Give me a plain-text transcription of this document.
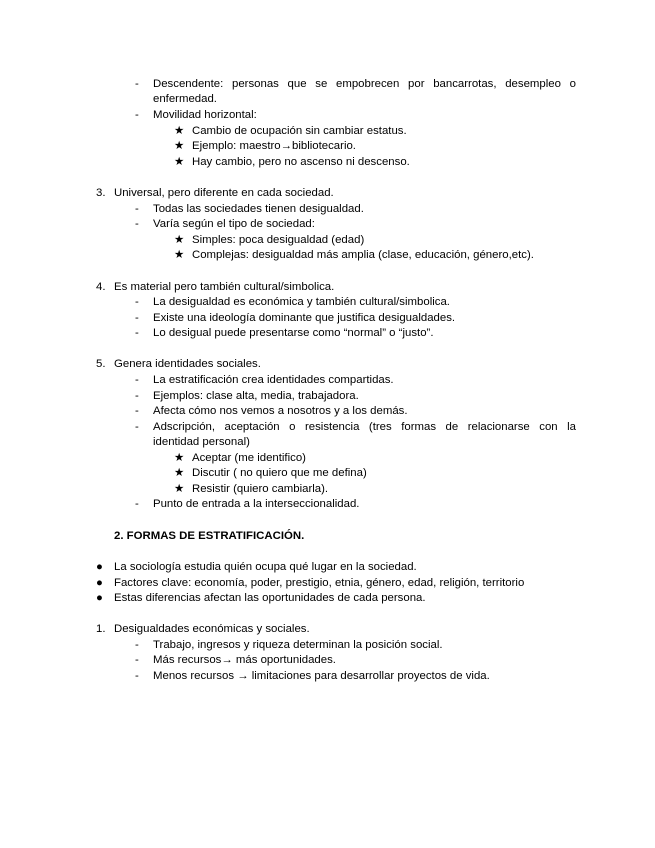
- Descendente: personas que se empobrecen por bancarrotas, desempleo o
enfermedad.
- Movilidad horizontal:
★ Cambio de ocupación sin cambiar estatus.
★ Ejemplo: maestro→bibliotecario.
★ Hay cambio, pero no ascenso ni descenso.
3. Universal, pero diferente en cada sociedad.
- Todas las sociedades tienen desigualdad.
- Varía según el tipo de sociedad:
★ Simples: poca desigualdad (edad)
★ Complejas: desigualdad más amplia (clase, educación, género,etc).
4. Es material pero también cultural/simbolica.
- La desigualdad es económica y también cultural/simbolica.
- Existe una ideología dominante que justifica desigualdades.
- Lo desigual puede presentarse como “normal” o “justo”.
5. Genera identidades sociales.
- La estratificación crea identidades compartidas.
- Ejemplos: clase alta, media, trabajadora.
- Afecta cómo nos vemos a nosotros y a los demás.
- Adscripción, aceptación o resistencia (tres formas de relacionarse con la
identidad personal)
★ Aceptar (me identifico)
★ Discutir ( no quiero que me defina)
★ Resistir (quiero cambiarla).
- Punto de entrada a la interseccionalidad.
2. FORMAS DE ESTRATIFICACIÓN.
● La sociología estudia quién ocupa qué lugar en la sociedad.
● Factores clave: economía, poder, prestigio, etnia, género, edad, religión, territorio
● Estas diferencias afectan las oportunidades de cada persona.
1. Desigualdades económicas y sociales.
- Trabajo, ingresos y riqueza determinan la posición social.
- Más recursos→ más oportunidades.
- Menos recursos → limitaciones para desarrollar proyectos de vida.
